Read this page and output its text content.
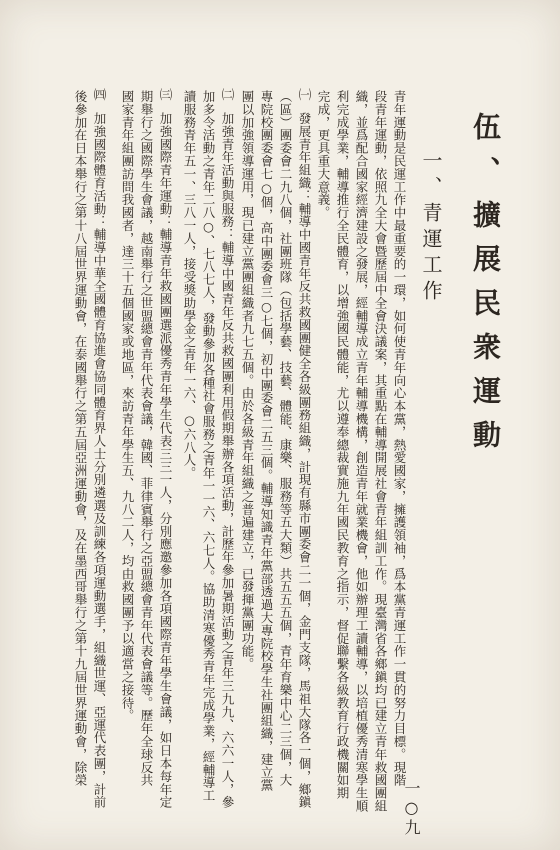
伍、擴展民衆運動
一、青運工作
青年運動是民運工作中最重要的一環，如何使青年向心本黨，熱愛國家，擁護領袖，爲本黨青運工作一貫的努力目標。現階
段青年運動，依照九全大會暨歷屆中全會決議案，其重點在輔導開展社會青年組訓工作。現臺灣省各鄉鎭均已建立青年救國團組
織，並爲配合國家經濟建設之發展，經輔導成立青年輔導機構，創造青年就業機會，他如辦理工讀輔導，以培植優秀清寒學生順
利完成學業，輔導推行全民體育，以增強國民體能，尤以遵奉總裁實施九年國民教育之指示，督促聯繫各級教育行政機關如期
完成，更具重大意義。
㈠
發展青年組織：輔導中國青年反共救國團健全各級團務組織，計現有縣市團委會二一個，金門支隊，馬祖大隊各一個，鄉鎭
（區）團委會二九八個，社團班隊（包括學藝、技藝、體能、康樂、服務等五大類）共五五五個，青年育樂中心二三個，大
專院校團委會七○個，高中團委會三○七個，初中團委會二五三個。輔導知識青年黨部透過大專院校學生社團組織，建立黨
團以加強領導運用，現已建立黨團組織者九七五個。由於各級青年組織之普遍建立，已發揮黨團功能。
㈡
加強青年活動與服務：輔導中國青年反共救國團利用假期舉辦各項活動，計歷年參加暑期活動之青年三九九、六六一人，參
加多令活動之青年二八○、七八七人，發動參加各種社會服務之青年一一六、六七人。協助清寒優秀青年完成學業，經輔導工
讀服務青年五一、三八一人，接受獎助學金之青年一六、○六八人。
㈢
加強國際青年運動：輔導青年救國團選派優秀青年學生代表三三一人，分別應邀參加各項國際青年學生會議，如日本每年定
期舉行之國際學生會議，越南舉行之世盟總會青年代表會議，韓國、菲律賓舉行之亞盟總會青年代表會議等。歷年全球反共
國家青年組團訪問我國者，達三十五個國家或地區，來訪青年學生五、九八二人，均由救國團予以適當之接待。
㈣
加強國際體育活動：輔導中華全國體育協進會協同體育界人士分別遴選及訓練各項運動選手，組織世運、亞運代表團，計前
後參加在日本舉行之第十八屆世界運動會，在泰國舉行之第五屆亞洲運動會，及在墨西哥舉行之第十九屆世界運動會，除榮
一○九
